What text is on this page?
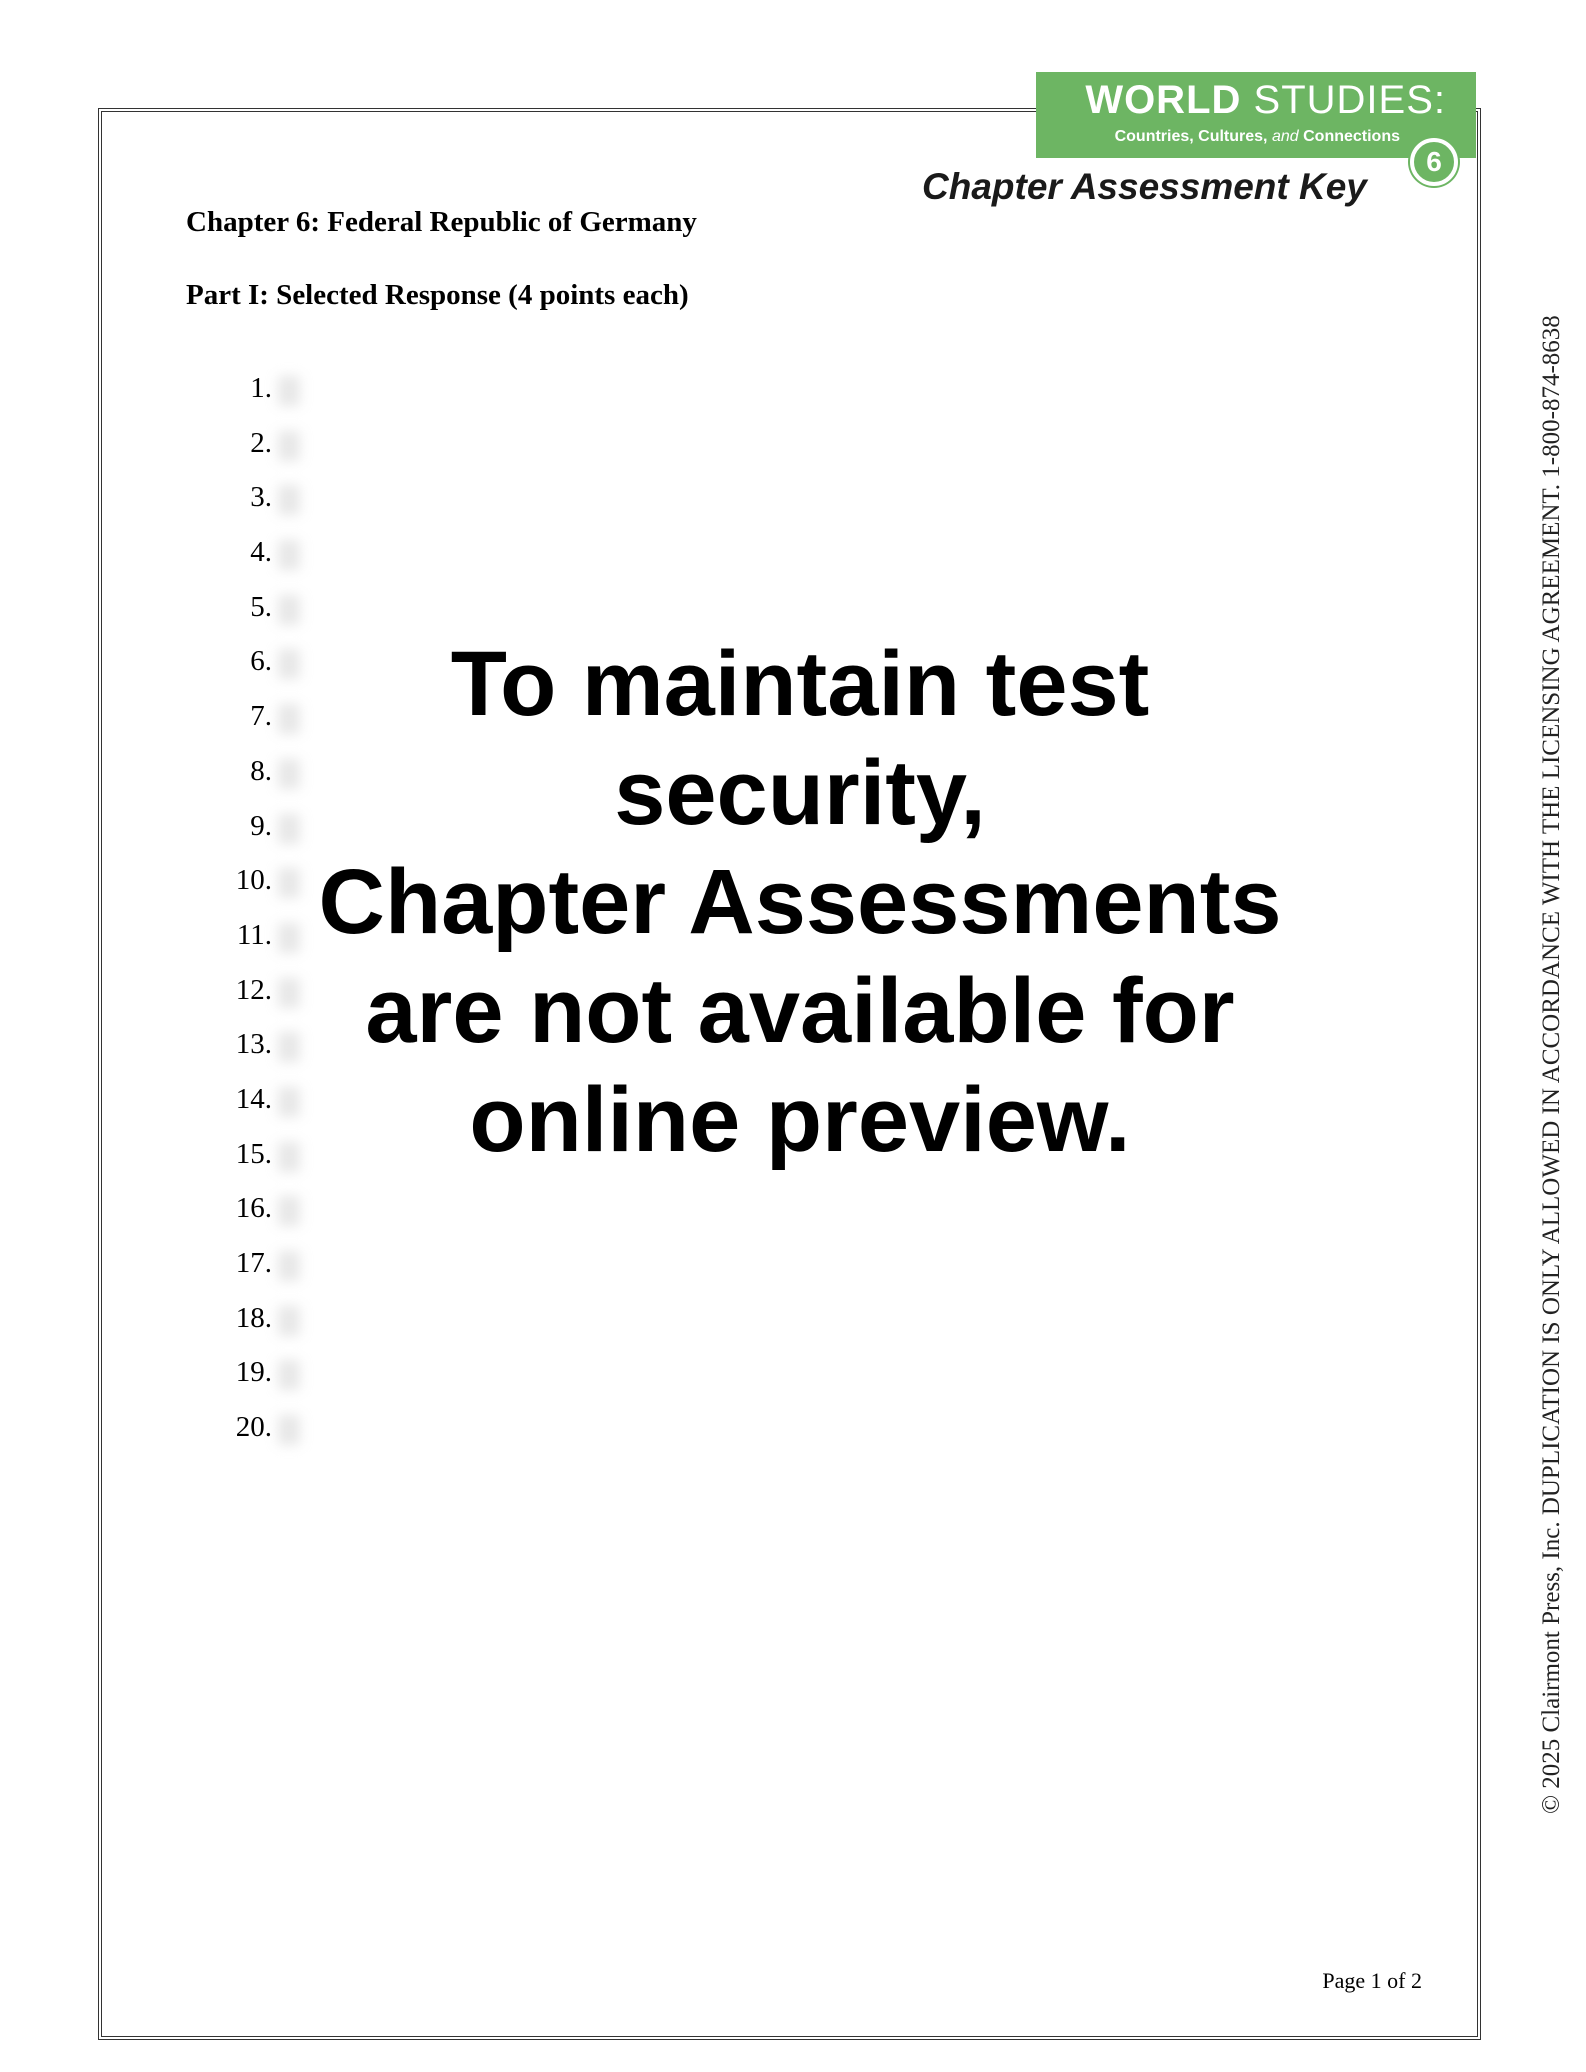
WORLD STUDIES:
Countries, Cultures, and Connections
6
Chapter Assessment Key
Chapter 6: Federal Republic of Germany
Part I: Selected Response (4 points each)
1.
2.
3.
4.
5.
6.
7.
8.
9.
10.
11.
12.
13.
14.
15.
16.
17.
18.
19.
20.
To maintain test
security,
Chapter Assessments
are not available for
online preview.	© 2025 Clairmont Press, Inc. DUPLICATION IS ONLY ALLOWED IN ACCORDANCE WITH THE LICENSING AGREEMENT. 1-800-874-8638
Page 1 of 2
